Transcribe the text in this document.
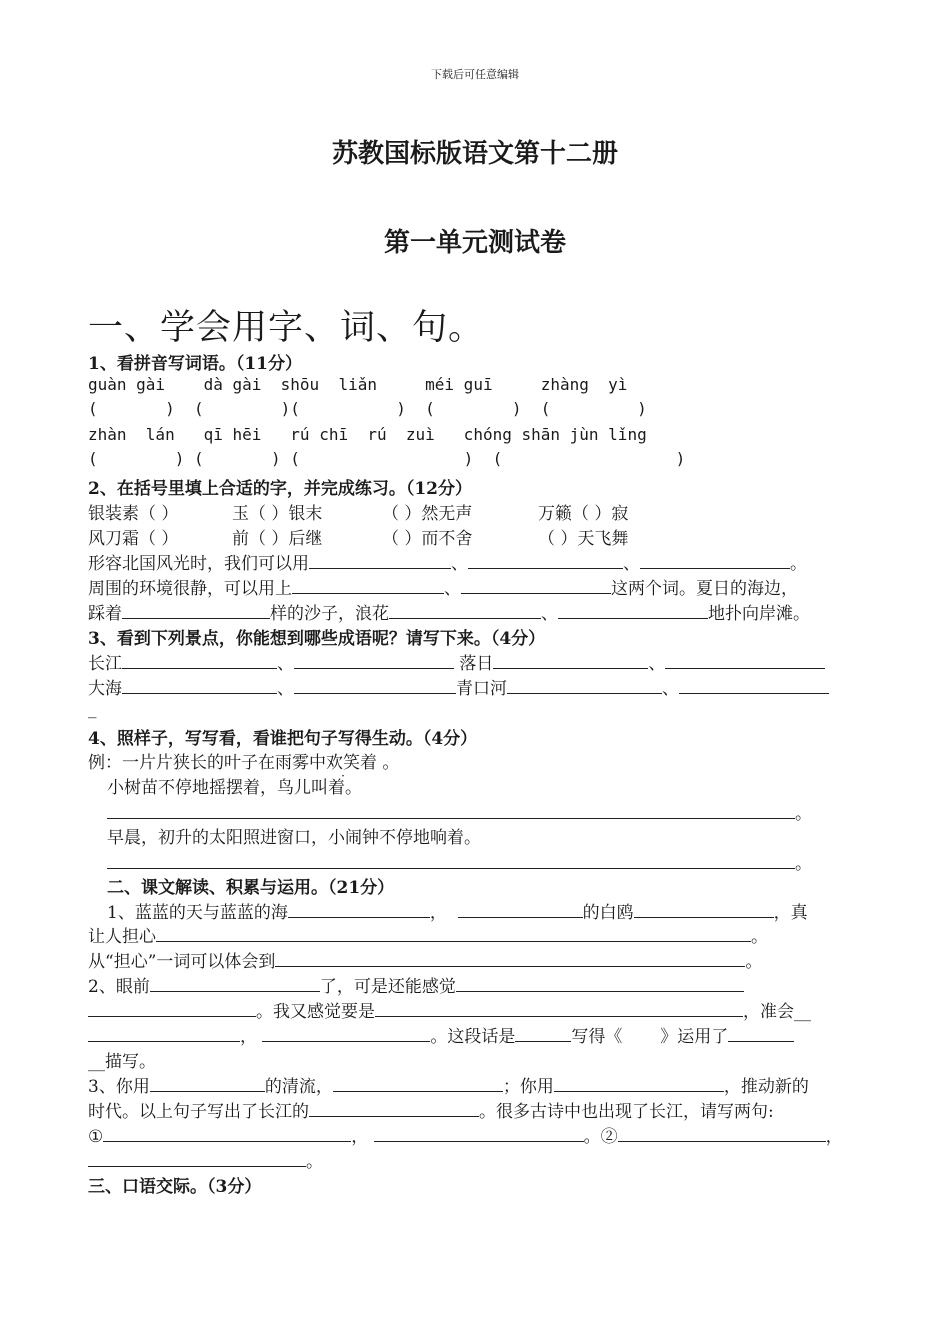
下载后可任意编辑
苏教国标版语文第十二册
第一单元测试卷
一、学会用字、词、句。
1、看拼音写词语。（11分）
guàn gài    dà gài  shōu  liǎn     méi guī     zhàng  yì
(       )  (        )(          )  (        )  (         )
zhàn  lán   qī hēi   rú chī  rú  zuì   chóng shān jùn lǐng
(        ) (       ) (                 )  (                  )
2、在括号里填上合适的字，并完成练习。（12分）
银装素（ ）	玉（ ）银末	（ ）然无声	万籁（ ）寂
风刀霜（ ）	前（ ）后继	（ ）而不舍	（ ）天飞舞
形容北国风光时，我们可以用	、	、	。
周围的环境很静，可以用上	、	这两个词。夏日的海边，
踩着	样的沙子，浪花	、	地扑向岸滩。
3、看到下列景点，你能想到哪些成语呢？请写下来。（4分）
长江	、	落日	、
大海	、	青口河	、
_
4、照样子，写写看，看谁把句子写得生动。（4分）
例：一片片狭长的叶子在雨雾中欢笑着 。
小树苗不停地摇摆着，鸟儿叫着。
。
早晨，初升的太阳照进窗口，小闹钟不停地响着。
。
二、课文解读、积累与运用。（21分）
1、蓝蓝的天与蓝蓝的海	，	的白鸥	，真
让人担心	。
从“担心”一词可以体会到	。
2、眼前	了，可是还能感觉
。我又感觉要是	，准会__
，	。这段话是	写得《 》运用了
__描写。
3、你用	的清流，	；你用	，推动新的
时代。以上句子写出了长江的	。很多古诗中也出现了长江，请写两句:
①	，	。②	，
。
三、口语交际。（3分）
